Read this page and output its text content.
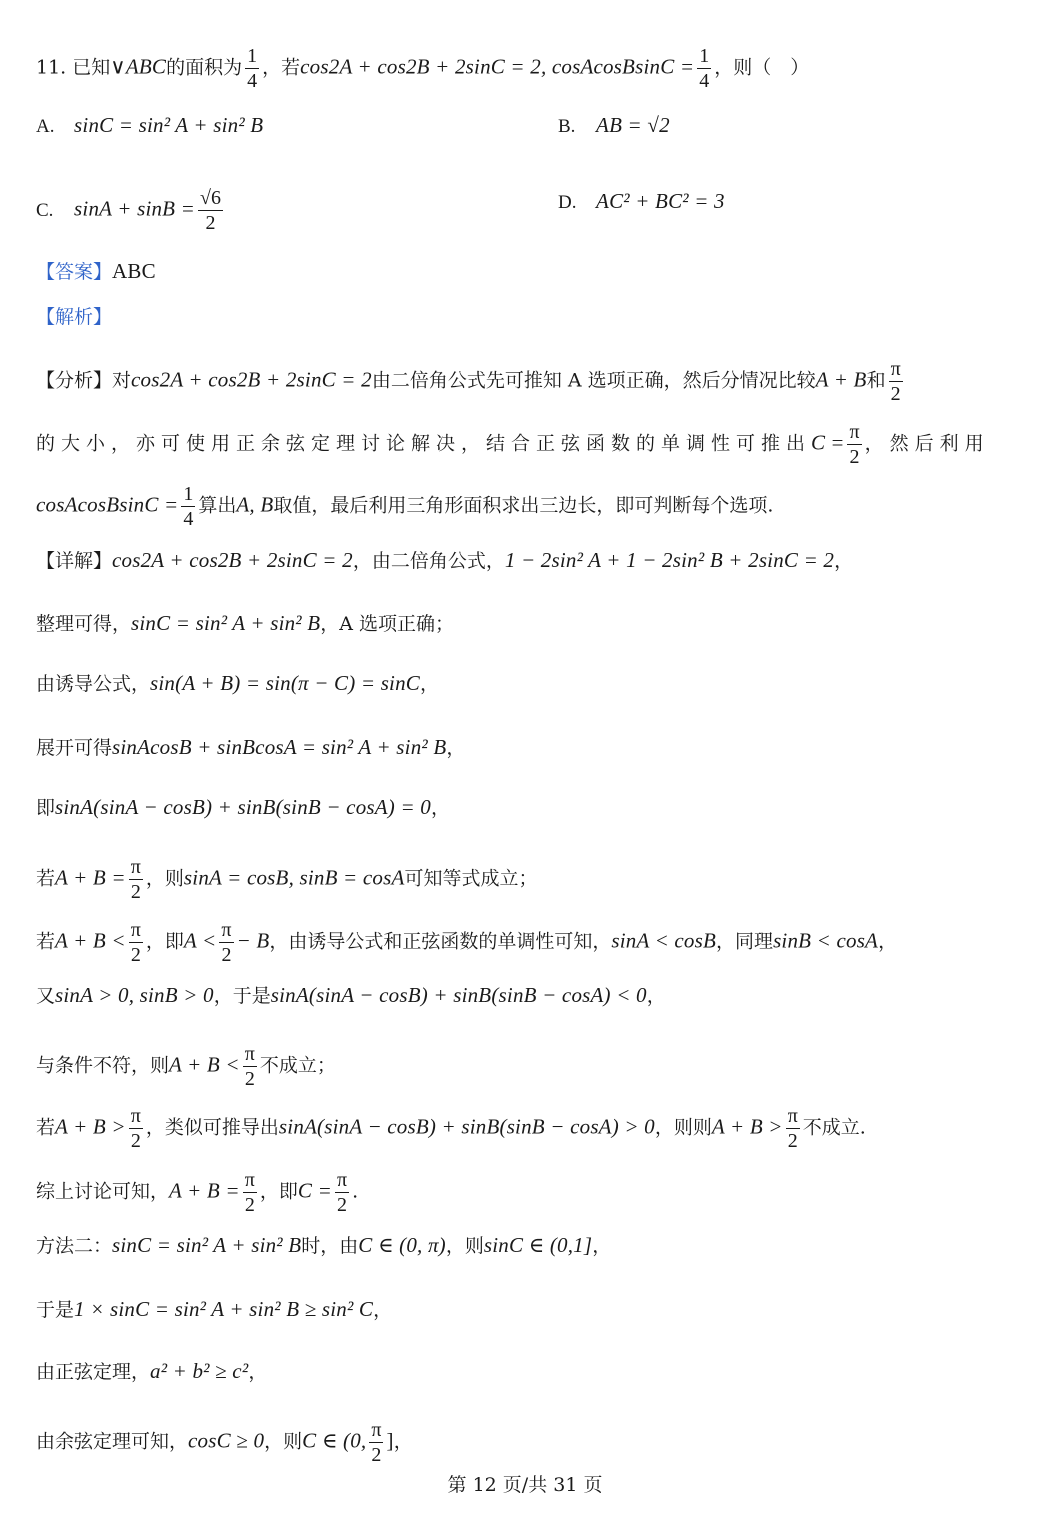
11. 已知∨ABC的面积为 $\frac{1}{4}$ ，若cos2A + cos2B + 2sinC = 2, cosAcosBsinC = $\frac{1}{4}$ ，则（　）
A. sinC = sin² A + sin² B	B. AB = √2
C. $\sin A + \sin B = \frac{√6}{2}$	D. AC² + BC² = 3
【答案】ABC
【解析】
【分析】对cos2A + cos2B + 2sinC = 2由二倍角公式先可推知 A 选项正确，然后分情况比较A + B和 $\frac{\pi}{2}$
的大小，亦可使用正余弦定理讨论解决，结合正弦函数的单调性可推出$C = \frac{\pi}{2}$ ，然后利用
cosAcosBsinC = $\frac{1}{4}$ 算出A, B取值，最后利用三角形面积求出三边长，即可判断每个选项.
【详解】cos2A + cos2B + 2sinC = 2，由二倍角公式，1 − 2sin² A + 1 − 2sin² B + 2sinC = 2，
整理可得，sinC = sin² A + sin² B，A 选项正确；
由诱导公式，sin(A + B) = sin(π − C) = sinC，
展开可得sinAcosB + sinBcosA = sin² A + sin² B，
即sinA(sinA − cosB) + sinB(sinB − cosA) = 0，
若$A + B = \frac{\pi}{2}$ ，则sinA = cosB, sinB = cosA可知等式成立；
若$A + B < \frac{\pi}{2}$ ，即$A < \frac{\pi}{2} - B$，由诱导公式和正弦函数的单调性可知，sinA < cosB，同理sinB < cosA，
又sinA > 0, sinB > 0，于是sinA(sinA − cosB) + sinB(sinB − cosA) < 0，
与条件不符，则$A + B < \frac{\pi}{2}$ 不成立；
若$A + B > \frac{\pi}{2}$ ，类似可推导出sinA(sinA − cosB) + sinB(sinB − cosA) > 0，则则$A + B > \frac{\pi}{2}$ 不成立.
综上讨论可知，$A + B = \frac{\pi}{2}$ ，即$C = \frac{\pi}{2}$ .
方法二：sinC = sin² A + sin² B时，由C ∈ (0, π)，则sinC ∈ (0,1]，
于是1 × sinC = sin² A + sin² B ≥ sin² C，
由正弦定理，a² + b² ≥ c²，
由余弦定理可知，cosC ≥ 0，则C ∈ (0, $\frac{\pi}{2}$ ]，
第 12 页/共 31 页
